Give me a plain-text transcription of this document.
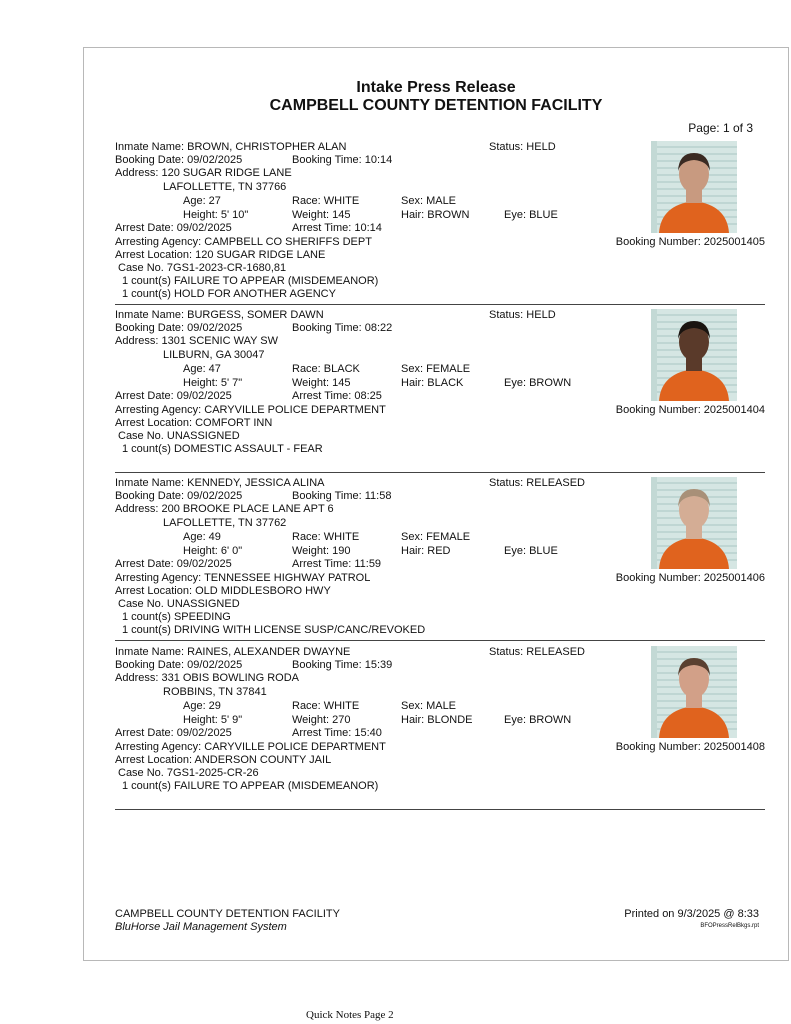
Intake Press Release
CAMPBELL COUNTY DETENTION FACILITY
Page: 1 of 3
Inmate Name: BROWN, CHRISTOPHER ALAN	Status: HELD
Booking Date: 09/02/2025	Booking Time: 10:14
Address: 120 SUGAR RIDGE LANE
LAFOLLETTE, TN 37766
Age: 27	Race: WHITE	Sex: MALE
Height: 5' 10"	Weight: 145	Hair: BROWN	Eye: BLUE
Arrest Date: 09/02/2025	Arrest Time: 10:14
Arresting Agency: CAMPBELL CO SHERIFFS DEPT
Arrest Location: 120 SUGAR RIDGE LANE
Case No. 7GS1-2023-CR-1680,81
Booking Number: 2025001405
1 count(s) FAILURE TO APPEAR (MISDEMEANOR)
1 count(s) HOLD FOR ANOTHER AGENCY
Inmate Name: BURGESS, SOMER DAWN	Status: HELD
Booking Date: 09/02/2025	Booking Time: 08:22
Address: 1301 SCENIC WAY SW
LILBURN, GA 30047
Age: 47	Race: BLACK	Sex: FEMALE
Height: 5' 7"	Weight: 145	Hair: BLACK	Eye: BROWN
Arrest Date: 09/02/2025	Arrest Time: 08:25
Arresting Agency: CARYVILLE POLICE DEPARTMENT
Arrest Location: COMFORT INN
Case No. UNASSIGNED
Booking Number: 2025001404
1 count(s) DOMESTIC ASSAULT - FEAR
Inmate Name: KENNEDY, JESSICA ALINA	Status: RELEASED
Booking Date: 09/02/2025	Booking Time: 11:58
Address: 200 BROOKE PLACE LANE APT 6
LAFOLLETTE, TN 37762
Age: 49	Race: WHITE	Sex: FEMALE
Height: 6' 0"	Weight: 190	Hair: RED	Eye: BLUE
Arrest Date: 09/02/2025	Arrest Time: 11:59
Arresting Agency: TENNESSEE HIGHWAY PATROL
Arrest Location: OLD MIDDLESBORO HWY
Case No. UNASSIGNED
Booking Number: 2025001406
1 count(s) SPEEDING
1 count(s) DRIVING WITH LICENSE SUSP/CANC/REVOKED
Inmate Name: RAINES, ALEXANDER DWAYNE	Status: RELEASED
Booking Date: 09/02/2025	Booking Time: 15:39
Address: 331 OBIS BOWLING RODA
ROBBINS, TN 37841
Age: 29	Race: WHITE	Sex: MALE
Height: 5' 9"	Weight: 270	Hair: BLONDE	Eye: BROWN
Arrest Date: 09/02/2025	Arrest Time: 15:40
Arresting Agency: CARYVILLE POLICE DEPARTMENT
Arrest Location: ANDERSON COUNTY JAIL
Case No. 7GS1-2025-CR-26
Booking Number: 2025001408
1 count(s) FAILURE TO APPEAR (MISDEMEANOR)
CAMPBELL COUNTY DETENTION FACILITY
BluHorse Jail Management System
Printed on 9/3/2025 @ 8:33
BFOPressRelBkgs.rpt
Quick Notes Page 2
